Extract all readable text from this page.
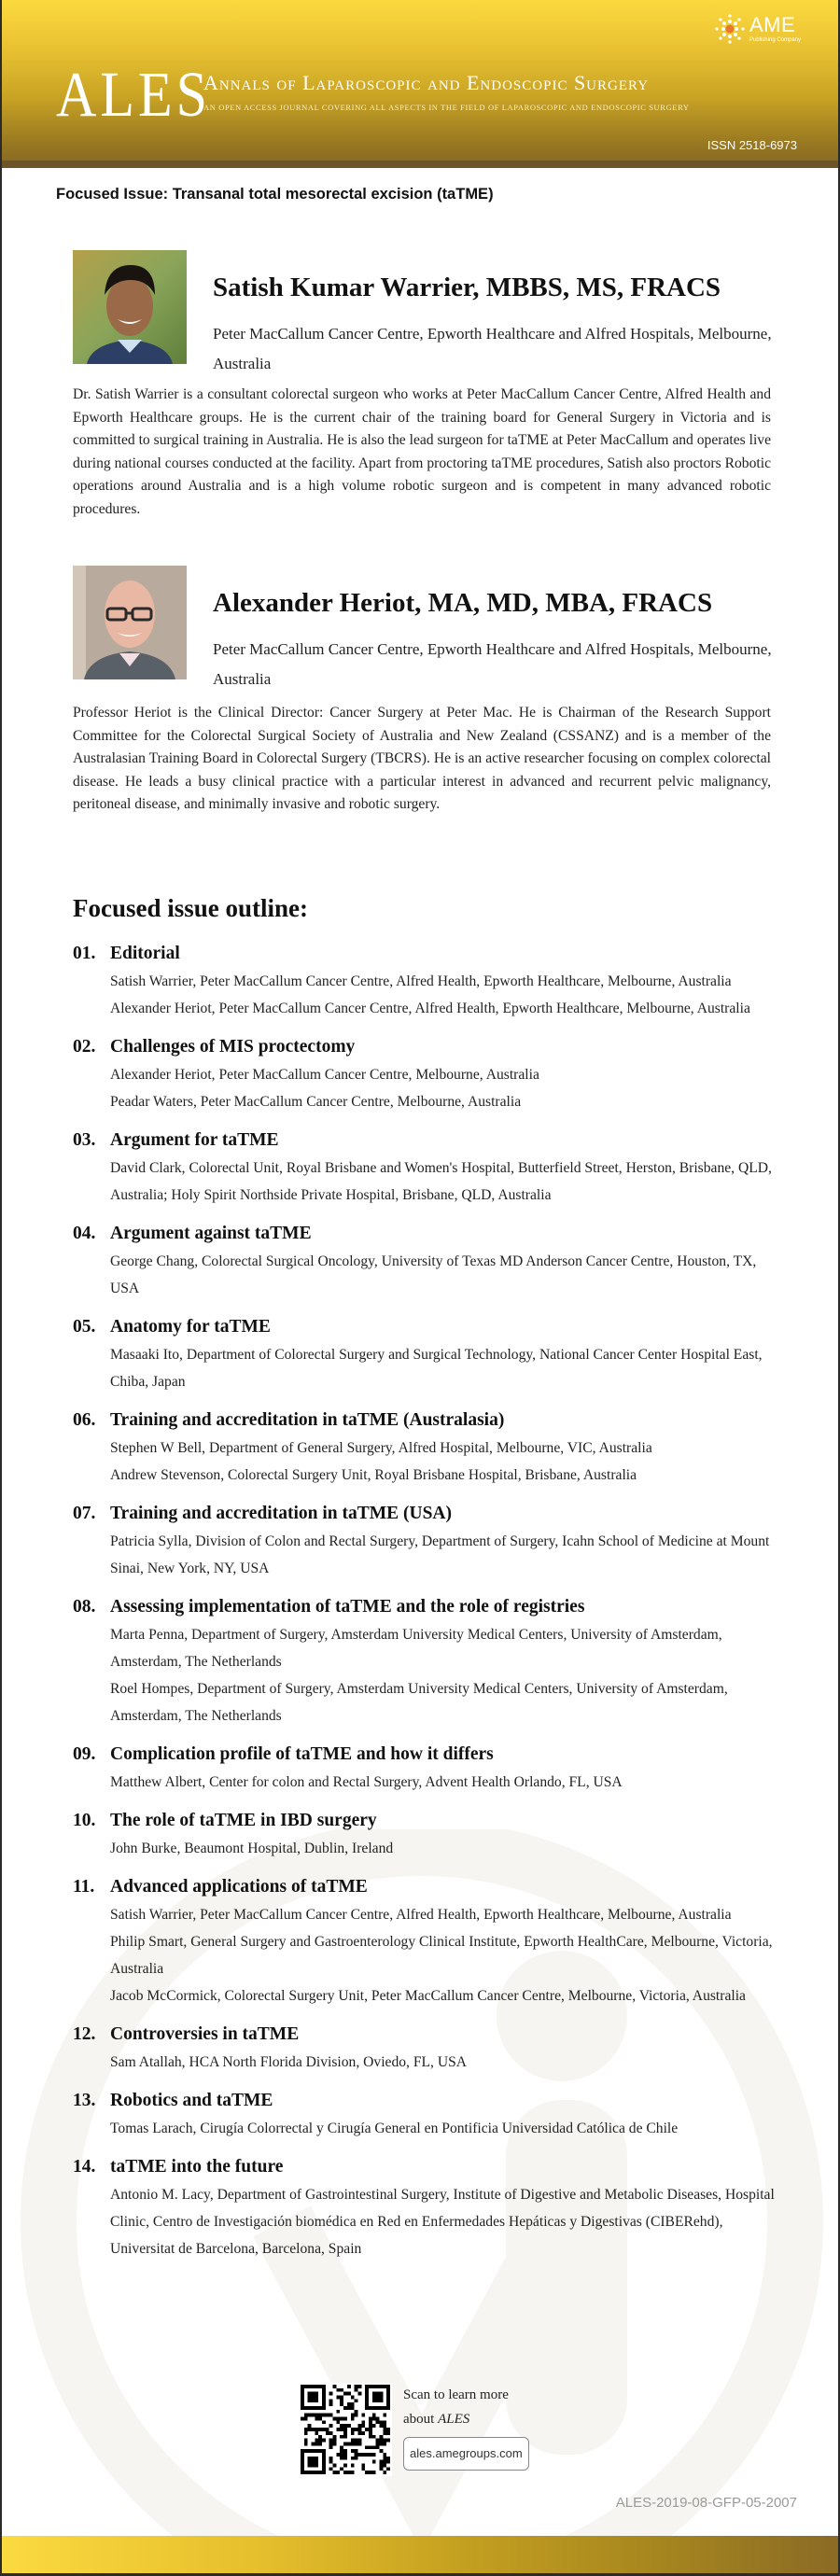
AME
Publishing Company
ALES
Annals of Laparoscopic and Endoscopic Surgery
AN OPEN ACCESS JOURNAL COVERING ALL ASPECTS IN THE FIELD OF LAPAROSCOPIC AND ENDOSCOPIC SURGERY
ISSN 2518-6973
Focused Issue: Transanal total mesorectal excision (taTME)
Satish Kumar Warrier, MBBS, MS, FRACS
Peter MacCallum Cancer Centre, Epworth Healthcare and Alfred Hospitals, Melbourne, Australia
Dr. Satish Warrier is a consultant colorectal surgeon who works at Peter MacCallum Cancer Centre, Alfred Health and Epworth Healthcare groups. He is the current chair of the training board for General Surgery in Victoria and is committed to surgical training in Australia. He is also the lead surgeon for taTME at Peter MacCallum and operates live during national courses conducted at the facility. Apart from proctoring taTME procedures, Satish also proctors Robotic operations around Australia and is a high volume robotic surgeon and is competent in many advanced robotic procedures.
Alexander Heriot, MA, MD, MBA, FRACS
Peter MacCallum Cancer Centre, Epworth Healthcare and Alfred Hospitals, Melbourne, Australia
Professor Heriot is the Clinical Director: Cancer Surgery at Peter Mac. He is Chairman of the Research Support Committee for the Colorectal Surgical Society of Australia and New Zealand (CSSANZ) and is a member of the Australasian Training Board in Colorectal Surgery (TBCRS). He is an active researcher focusing on complex colorectal disease. He leads a busy clinical practice with a particular interest in advanced and recurrent pelvic malignancy, peritoneal disease, and minimally invasive and robotic surgery.
Focused issue outline:
01. Editorial
Satish Warrier, Peter MacCallum Cancer Centre, Alfred Health, Epworth Healthcare, Melbourne, Australia
Alexander Heriot, Peter MacCallum Cancer Centre, Alfred Health, Epworth Healthcare, Melbourne, Australia
02. Challenges of MIS proctectomy
Alexander Heriot, Peter MacCallum Cancer Centre, Melbourne, Australia
Peadar Waters, Peter MacCallum Cancer Centre, Melbourne, Australia
03. Argument for taTME
David Clark, Colorectal Unit, Royal Brisbane and Women's Hospital, Butterfield Street, Herston, Brisbane, QLD, Australia; Holy Spirit Northside Private Hospital, Brisbane, QLD, Australia
04. Argument against taTME
George Chang, Colorectal Surgical Oncology, University of Texas MD Anderson Cancer Centre, Houston, TX, USA
05. Anatomy for taTME
Masaaki Ito, Department of Colorectal Surgery and Surgical Technology, National Cancer Center Hospital East, Chiba, Japan
06. Training and accreditation in taTME (Australasia)
Stephen W Bell, Department of General Surgery, Alfred Hospital, Melbourne, VIC, Australia
Andrew Stevenson, Colorectal Surgery Unit, Royal Brisbane Hospital, Brisbane, Australia
07. Training and accreditation in taTME (USA)
Patricia Sylla, Division of Colon and Rectal Surgery, Department of Surgery, Icahn School of Medicine at Mount Sinai, New York, NY, USA
08. Assessing implementation of taTME and the role of registries
Marta Penna, Department of Surgery, Amsterdam University Medical Centers, University of Amsterdam, Amsterdam, The Netherlands
Roel Hompes, Department of Surgery, Amsterdam University Medical Centers, University of Amsterdam, Amsterdam, The Netherlands
09. Complication profile of taTME and how it differs
Matthew Albert, Center for colon and Rectal Surgery, Advent Health Orlando, FL, USA
10. The role of taTME in IBD surgery
John Burke, Beaumont Hospital, Dublin, Ireland
11. Advanced applications of taTME
Satish Warrier, Peter MacCallum Cancer Centre, Alfred Health, Epworth Healthcare, Melbourne, Australia
Philip Smart, General Surgery and Gastroenterology Clinical Institute, Epworth HealthCare, Melbourne, Victoria, Australia
Jacob McCormick, Colorectal Surgery Unit, Peter MacCallum Cancer Centre, Melbourne, Victoria, Australia
12. Controversies in taTME
Sam Atallah, HCA North Florida Division, Oviedo, FL, USA
13. Robotics and taTME
Tomas Larach, Cirugía Colorrectal y Cirugía General en Pontificia Universidad Católica de Chile
14. taTME into the future
Antonio M. Lacy, Department of Gastrointestinal Surgery, Institute of Digestive and Metabolic Diseases, Hospital Clinic, Centro de Investigación biomédica en Red en Enfermedades Hepáticas y Digestivas (CIBERehd), Universitat de Barcelona, Barcelona, Spain
Scan to learn more
about ALES
ales.amegroups.com
ALES-2019-08-GFP-05-2007
